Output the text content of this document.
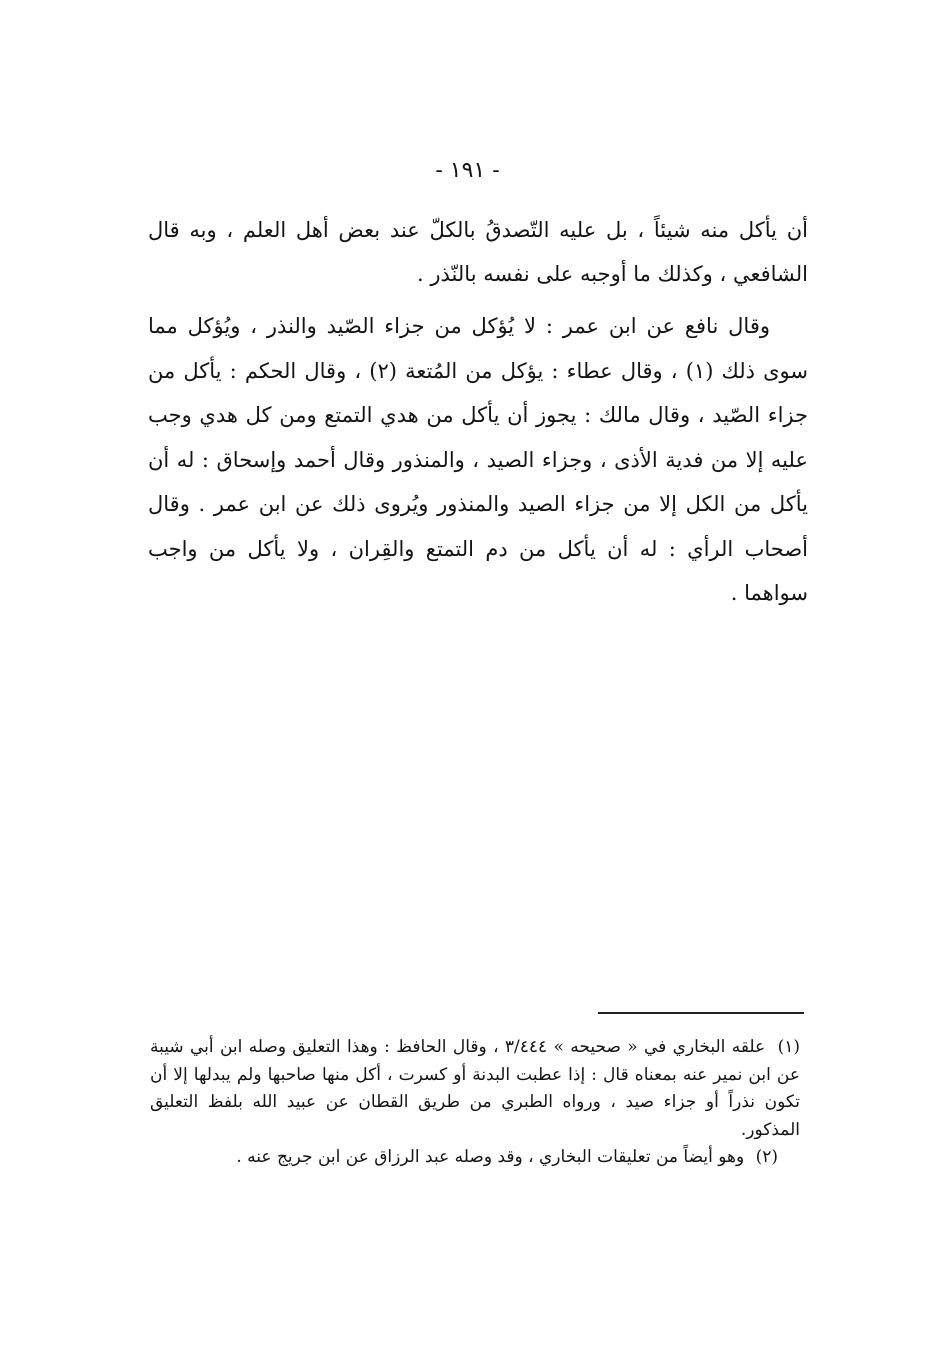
- ١٩١ -

أن يأكل منه شيئاً ، بل عليه التّصدقُ بالكلّ عند بعض أهل العلم ، وبه قال الشافعي ، وكذلك ما أوجبه على نفسه بالنّذر .

وقال نافع عن ابن عمر : لا يُؤكل من جزاء الصّيد والنذر ، ويُؤكل مما سوى ذلك (١) ، وقال عطاء : يؤكل من المُتعة (٢) ، وقال الحكم : يأكل من جزاء الصّيد ، وقال مالك : يجوز أن يأكل من هدي التمتع ومن كل هدي وجب عليه إلا من فدية الأذى ، وجزاء الصيد ، والمنذور وقال أحمد وإسحاق : له أن يأكل من الكل إلا من جزاء الصيد والمنذور ويُروى ذلك عن ابن عمر . وقال أصحاب الرأي : له أن يأكل من دم التمتع والقِران ، ولا يأكل من واجب سواهما .

(١) علقه البخاري في « صحيحه » ٣/٤٤٤ ، وقال الحافظ : وهذا التعليق وصله ابن أبي شيبة عن ابن نمير عنه بمعناه قال : إذا عطبت البدنة أو كسرت ، أكل منها صاحبها ولم يبدلها إلا أن تكون نذراً أو جزاء صيد ، ورواه الطبري من طريق القطان عن عبيد الله بلفظ التعليق المذكور.

(٢) وهو أيضاً من تعليقات البخاري ، وقد وصله عبد الرزاق عن ابن جريج عنه .
